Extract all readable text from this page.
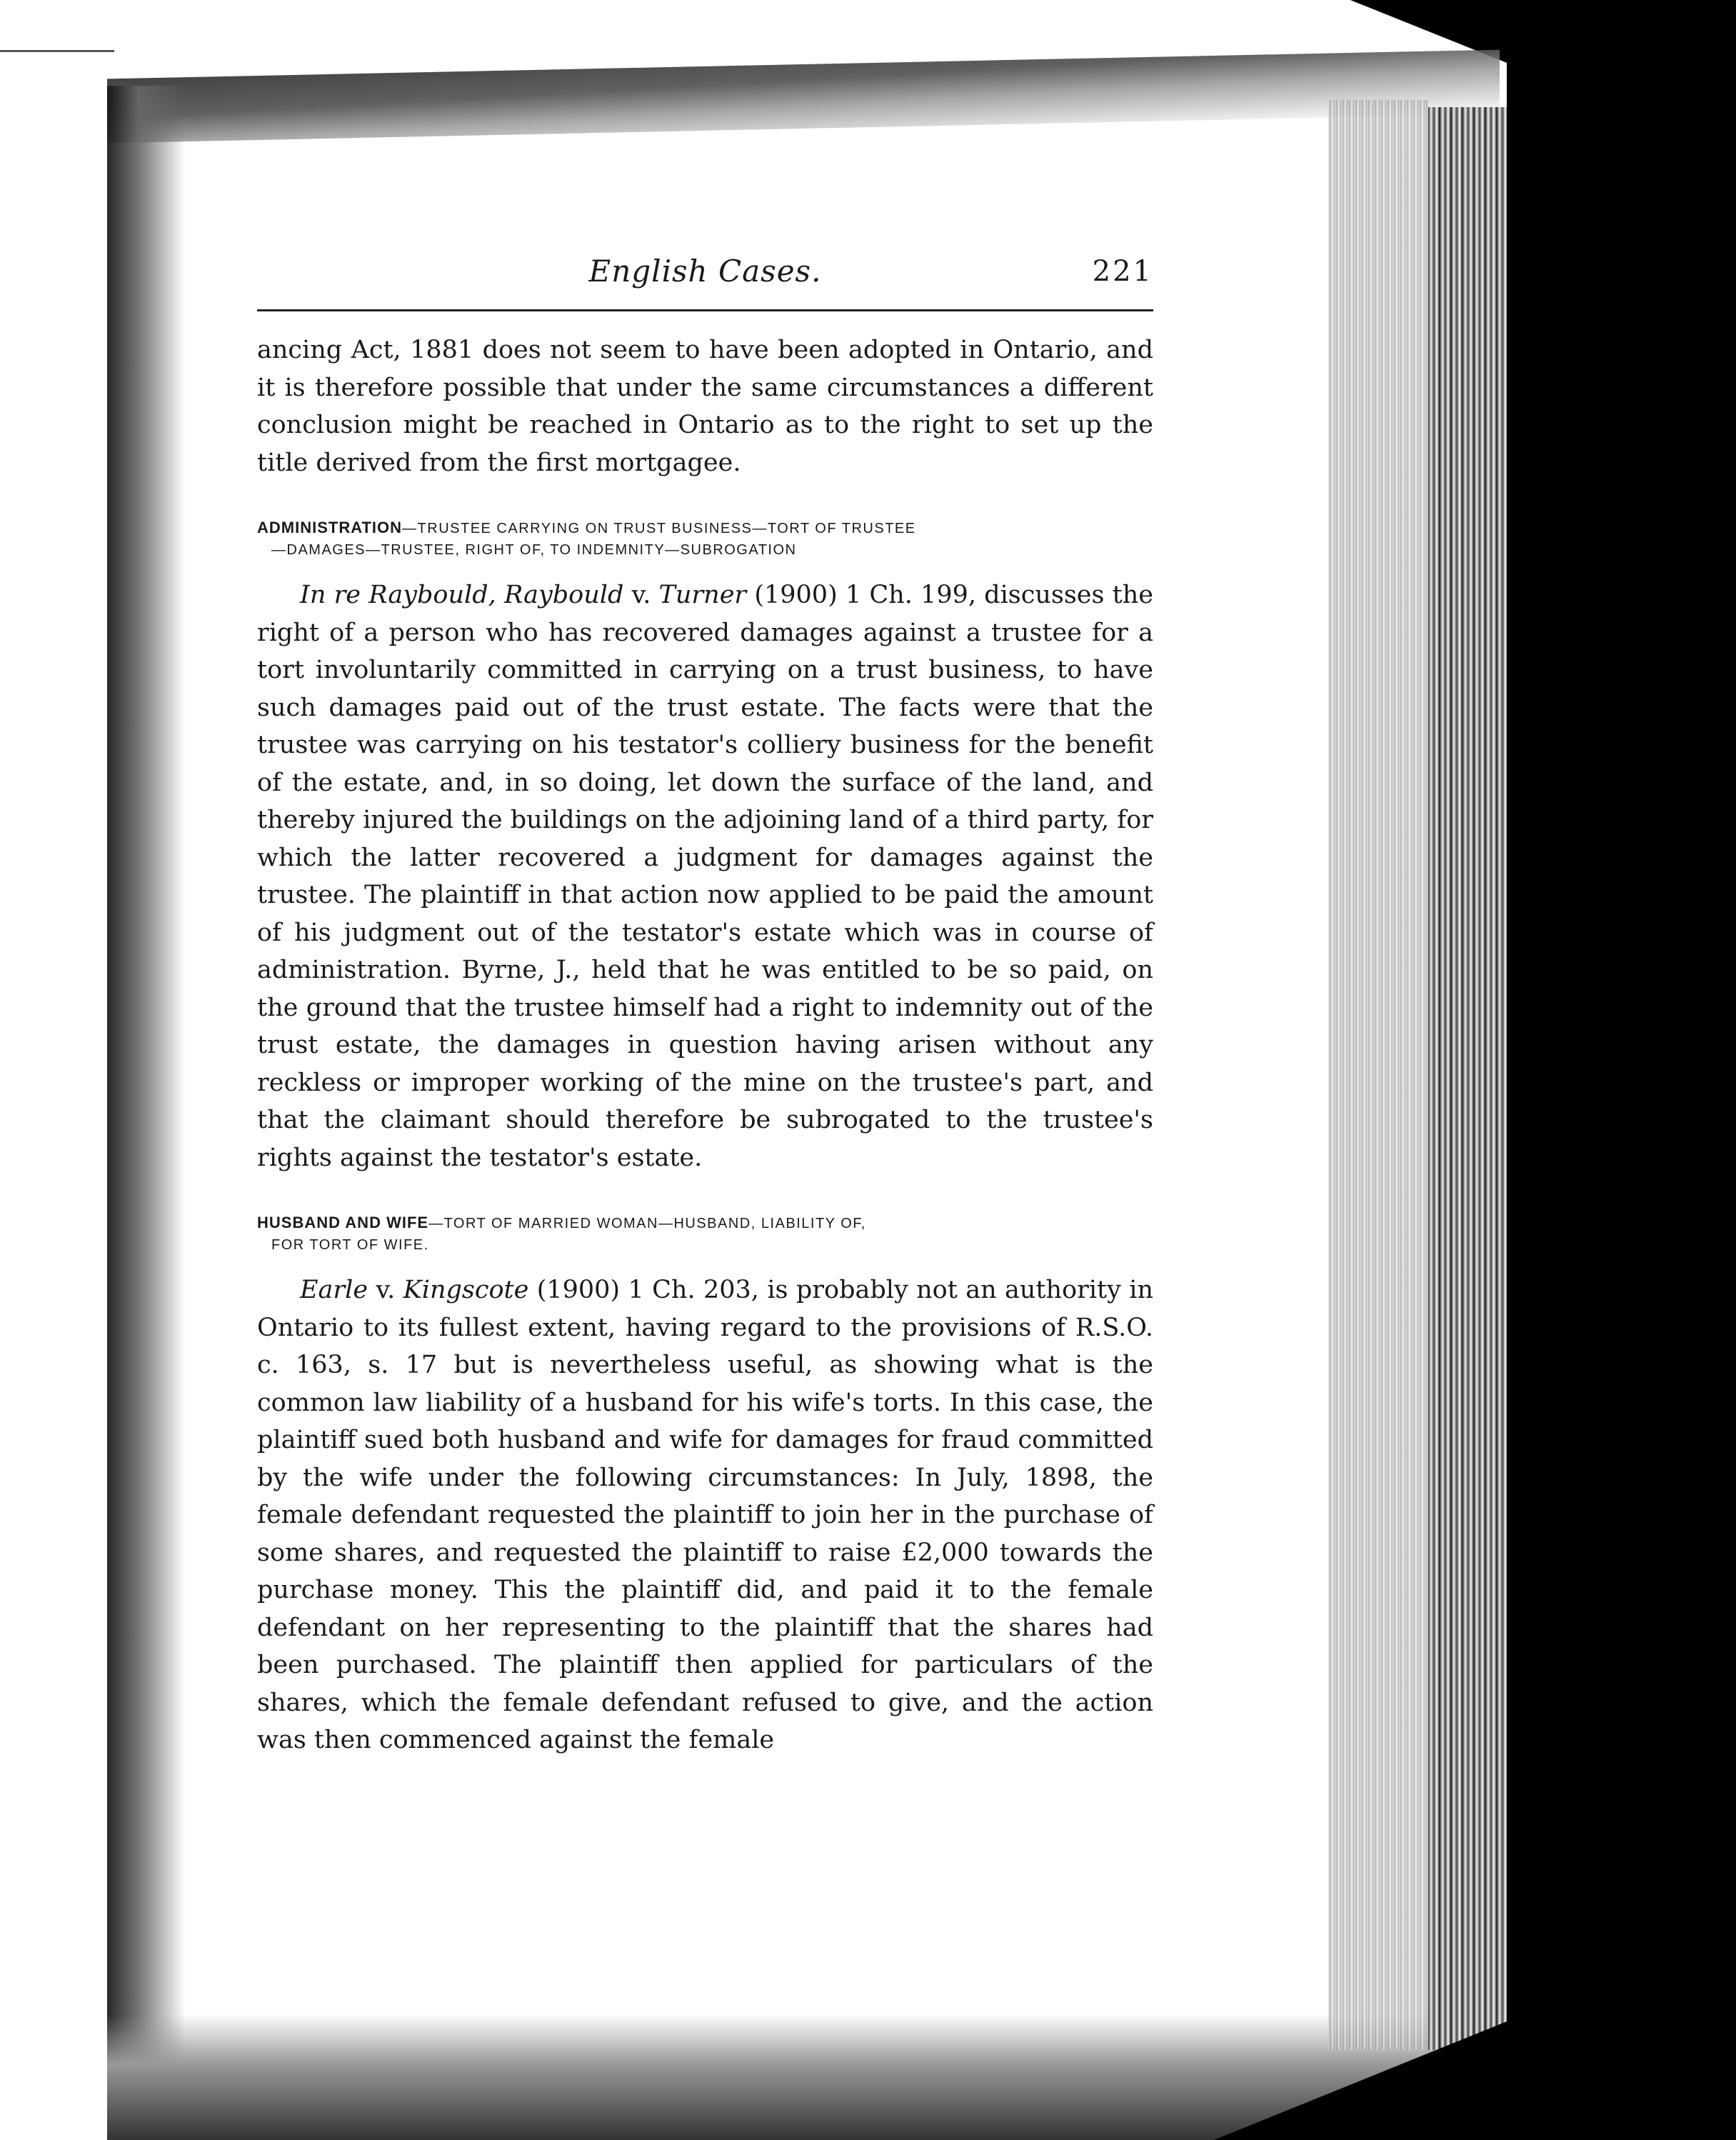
English Cases.	221

ancing Act, 1881 does not seem to have been adopted in Ontario, and it is therefore possible that under the same circumstances a different conclusion might be reached in Ontario as to the right to set up the title derived from the first mortgagee.

ADMINISTRATION—TRUSTEE CARRYING ON TRUST BUSINESS—TORT OF TRUSTEE
—DAMAGES—TRUSTEE, RIGHT OF, TO INDEMNITY—SUBROGATION

In re Raybould, Raybould v. Turner (1900) 1 Ch. 199, discusses the right of a person who has recovered damages against a trustee for a tort involuntarily committed in carrying on a trust business, to have such damages paid out of the trust estate. The facts were that the trustee was carrying on his testator's colliery business for the benefit of the estate, and, in so doing, let down the surface of the land, and thereby injured the buildings on the adjoining land of a third party, for which the latter recovered a judgment for damages against the trustee. The plaintiff in that action now applied to be paid the amount of his judgment out of the testator's estate which was in course of administration. Byrne, J., held that he was entitled to be so paid, on the ground that the trustee himself had a right to indemnity out of the trust estate, the damages in question having arisen without any reckless or improper working of the mine on the trustee's part, and that the claimant should therefore be subrogated to the trustee's rights against the testator's estate.

HUSBAND AND WIFE—TORT OF MARRIED WOMAN—HUSBAND, LIABILITY OF,
FOR TORT OF WIFE.

Earle v. Kingscote (1900) 1 Ch. 203, is probably not an authority in Ontario to its fullest extent, having regard to the provisions of R.S.O. c. 163, s. 17 but is nevertheless useful, as showing what is the common law liability of a husband for his wife's torts. In this case, the plaintiff sued both husband and wife for damages for fraud committed by the wife under the following circumstances: In July, 1898, the female defendant requested the plaintiff to join her in the purchase of some shares, and requested the plaintiff to raise £2,000 towards the purchase money. This the plaintiff did, and paid it to the female defendant on her representing to the plaintiff that the shares had been purchased. The plaintiff then applied for particulars of the shares, which the female defendant refused to give, and the action was then commenced against the female
